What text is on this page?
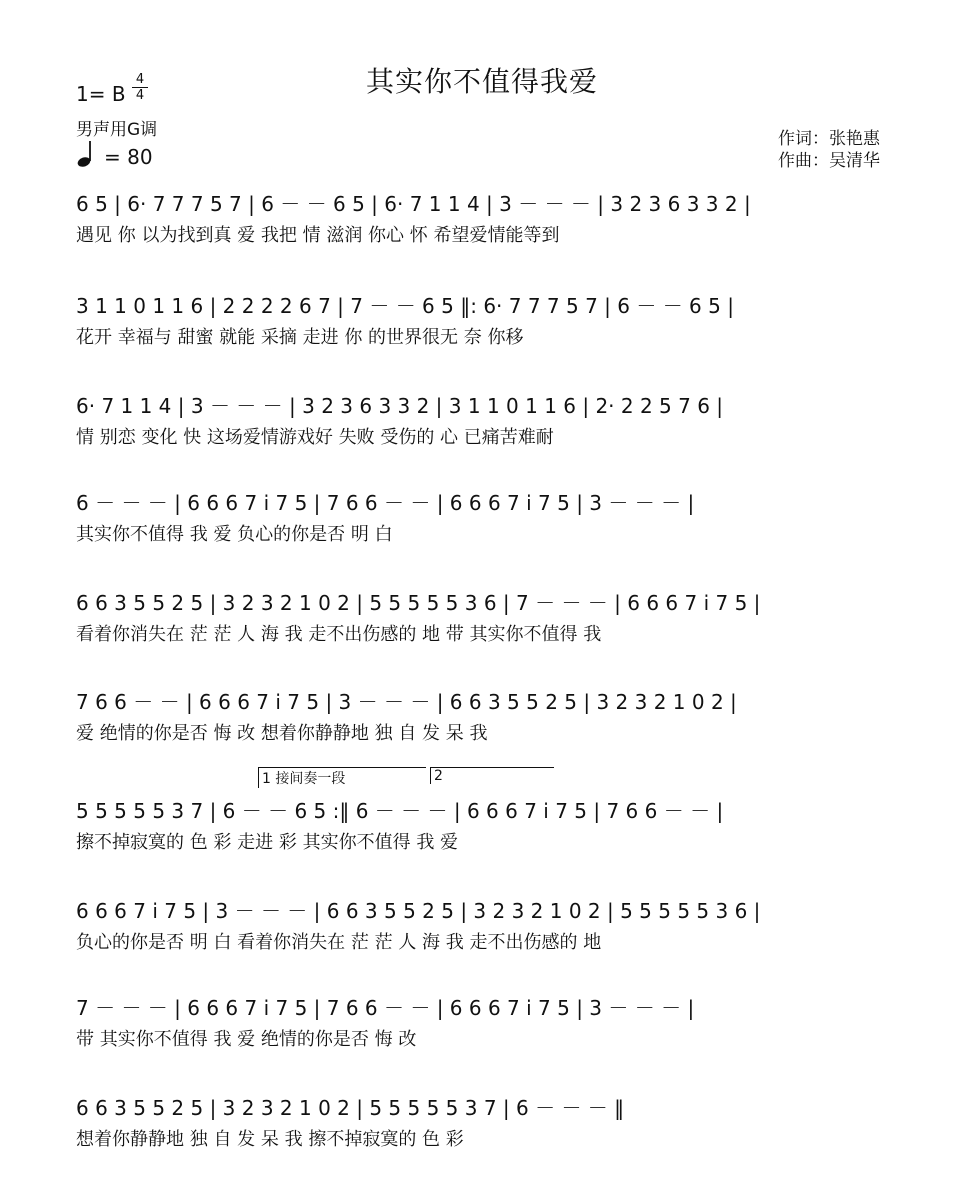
其实你不值得我爱
1= B
4
4
男声用G调
= 80
作词：张艳惠
作曲：吴清华
6 5 | 6· 7 7 7 5 7 | 6 － － 6 5 | 6· 7 1 1 4 | 3 － － － | 3 2 3 6 3 3 2 |
遇见 你 以为找到真 爱 我把 情 滋润 你心 怀 希望爱情能等到
3 1 1 0 1 1 6 | 2 2 2 2 6 7 | 7 － － 6 5 ‖: 6· 7 7 7 5 7 | 6 － － 6 5 |
花开 幸福与 甜蜜 就能 采摘 走进 你 的世界很无 奈 你移
6· 7 1 1 4 | 3 － － － | 3 2 3 6 3 3 2 | 3 1 1 0 1 1 6 | 2· 2 2 5 7 6 |
情 别恋 变化 快 这场爱情游戏好 失败 受伤的 心 已痛苦难耐
6 － － － | 6 6 6 7 i 7 5 | 7 6 6 － － | 6 6 6 7 i 7 5 | 3 － － － |
其实你不值得 我 爱 负心的你是否 明 白
6 6 3 5 5 2 5 | 3 2 3 2 1 0 2 | 5 5 5 5 5 3 6 | 7 － － － | 6 6 6 7 i 7 5 |
看着你消失在 茫 茫 人 海 我 走不出伤感的 地 带 其实你不值得 我
7 6 6 － － | 6 6 6 7 i 7 5 | 3 － － － | 6 6 3 5 5 2 5 | 3 2 3 2 1 0 2 |
爱 绝情的你是否 悔 改 想着你静静地 独 自 发 呆 我
5 5 5 5 5 3 7 | 6 － － 6 5 :‖ 6 － － － | 6 6 6 7 i 7 5 | 7 6 6 － － |
擦不掉寂寞的 色 彩 走进 彩 其实你不值得 我 爱
6 6 6 7 i 7 5 | 3 － － － | 6 6 3 5 5 2 5 | 3 2 3 2 1 0 2 | 5 5 5 5 5 3 6 |
负心的你是否 明 白 看着你消失在 茫 茫 人 海 我 走不出伤感的 地
7 － － － | 6 6 6 7 i 7 5 | 7 6 6 － － | 6 6 6 7 i 7 5 | 3 － － － |
带 其实你不值得 我 爱 绝情的你是否 悔 改
6 6 3 5 5 2 5 | 3 2 3 2 1 0 2 | 5 5 5 5 5 3 7 | 6 － － － ‖
想着你静静地 独 自 发 呆 我 擦不掉寂寞的 色 彩
1 接间奏一段	2
